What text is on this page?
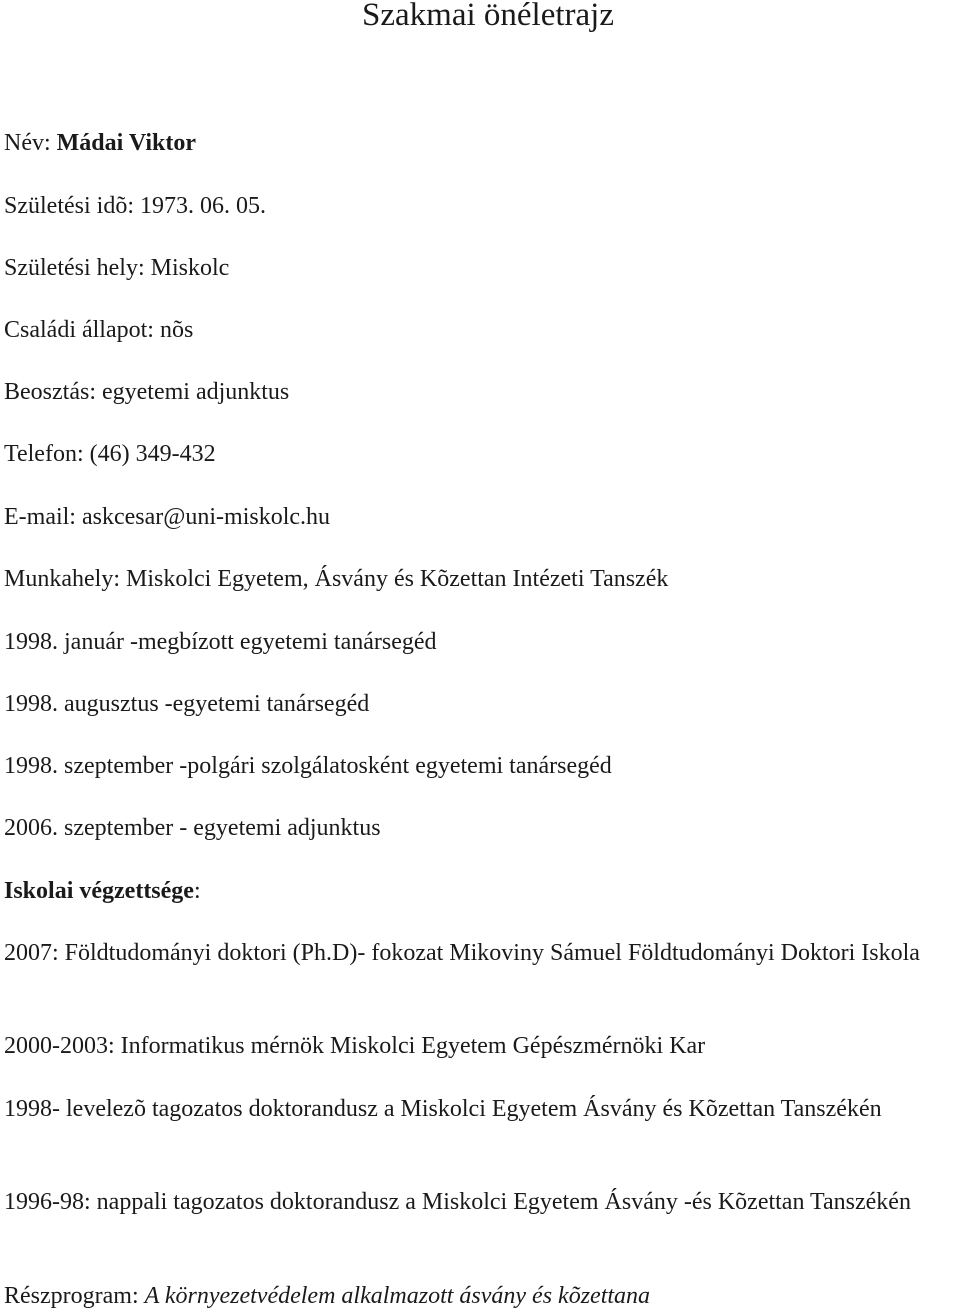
Szakmai önéletrajz
Név: Mádai Viktor
Születési idõ: 1973. 06. 05.
Születési hely: Miskolc
Családi állapot: nõs
Beosztás: egyetemi adjunktus
Telefon: (46) 349-432
E-mail: askcesar@uni-miskolc.hu
Munkahely: Miskolci Egyetem, Ásvány és Kõzettan Intézeti Tanszék
1998. január -megbízott egyetemi tanársegéd
1998. augusztus -egyetemi tanársegéd
1998. szeptember -polgári szolgálatosként egyetemi tanársegéd
2006. szeptember - egyetemi adjunktus
Iskolai végzettsége:
2007: Földtudományi doktori (Ph.D)- fokozat Mikoviny Sámuel Földtudományi Doktori Iskola
2000-2003: Informatikus mérnök Miskolci Egyetem Gépészmérnöki Kar
1998- levelezõ tagozatos doktorandusz a Miskolci Egyetem Ásvány és Kõzettan Tanszékén
1996-98: nappali tagozatos doktorandusz a Miskolci Egyetem Ásvány -és Kõzettan Tanszékén
Részprogram: A környezetvédelem alkalmazott ásvány és kõzettana
